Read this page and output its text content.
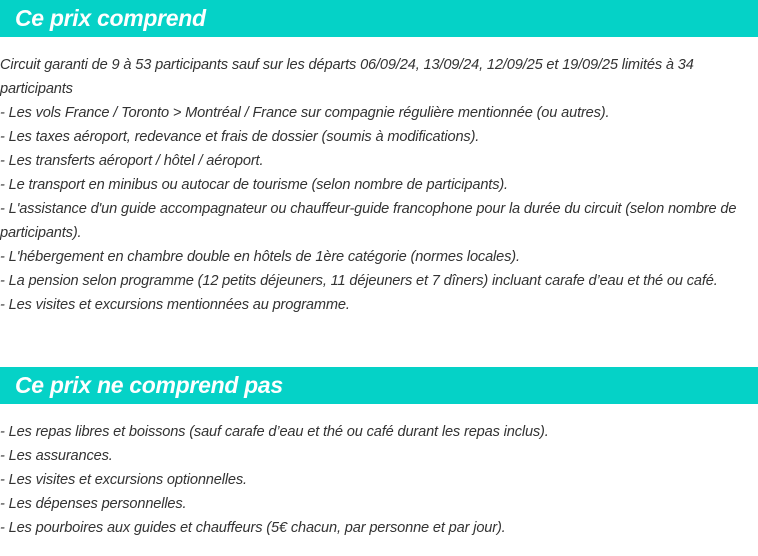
Ce prix comprend

Circuit garanti de 9 à 53 participants sauf sur les départs 06/09/24, 13/09/24, 12/09/25 et 19/09/25 limités à 34 participants

- Les vols France / Toronto > Montréal / France sur compagnie régulière mentionnée (ou autres).

- Les taxes aéroport, redevance et frais de dossier (soumis à modifications).

- Les transferts aéroport / hôtel / aéroport.

- Le transport en minibus ou autocar de tourisme (selon nombre de participants).

- L'assistance d'un guide accompagnateur ou chauffeur-guide francophone pour la durée du circuit (selon nombre de participants).

- L'hébergement en chambre double en hôtels de 1ère catégorie (normes locales).

- La pension selon programme (12 petits déjeuners, 11 déjeuners et 7 dîners) incluant carafe d’eau et thé ou café.

- Les visites et excursions mentionnées au programme.

Ce prix ne comprend pas

- Les repas libres et boissons (sauf carafe d’eau et thé ou café durant les repas inclus).

- Les assurances.

- Les visites et excursions optionnelles.

- Les dépenses personnelles.

- Les pourboires aux guides et chauffeurs (5€ chacun, par personne et par jour).
